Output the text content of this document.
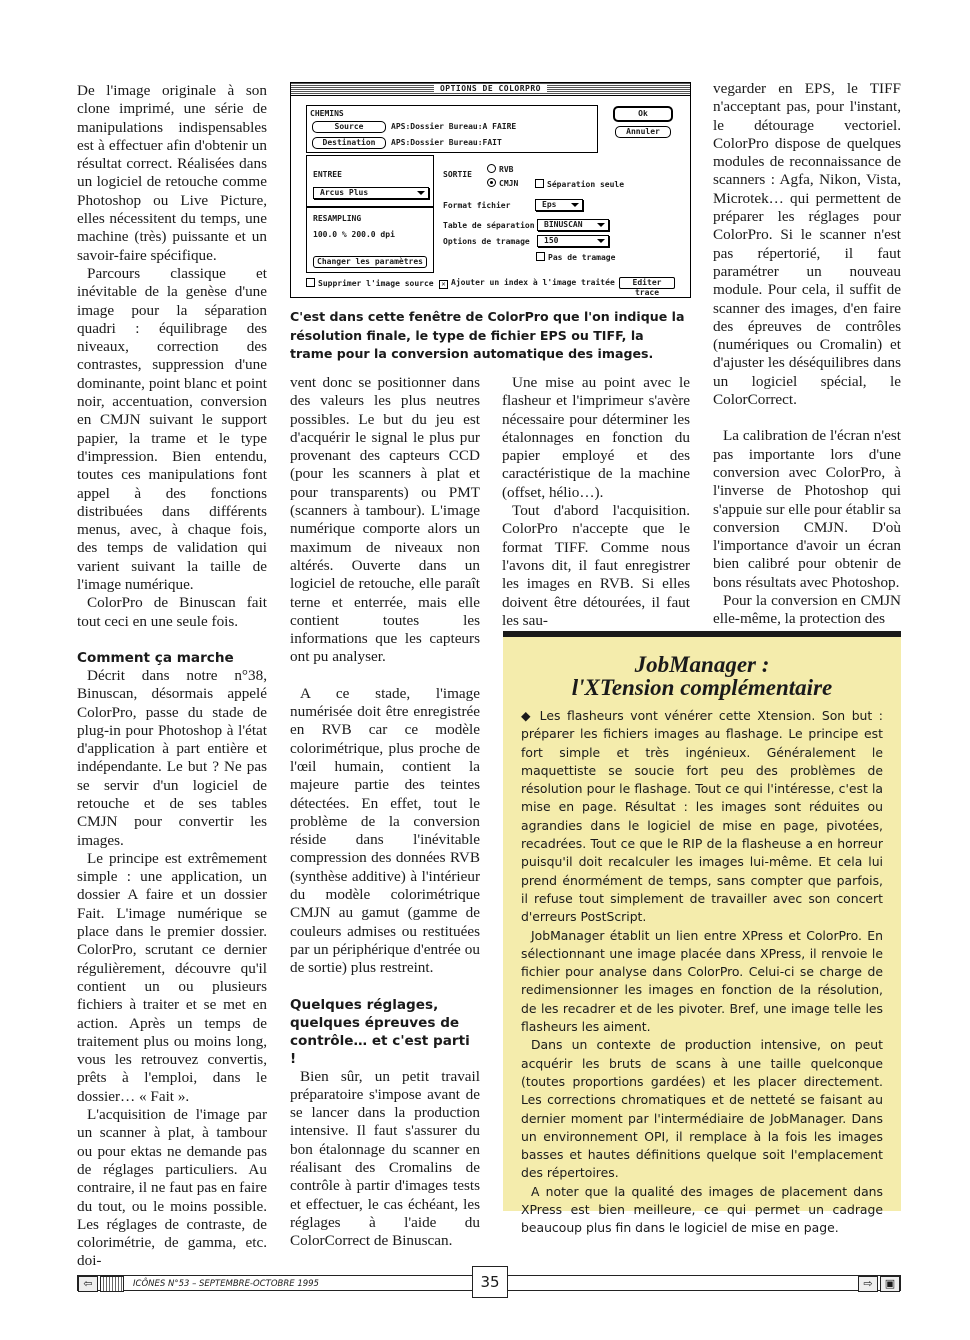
De l'image originale à son clone imprimé, une série de manipulations indispensables est à effectuer afin d'obtenir un résultat correct. Réalisées dans un logiciel de retouche comme Photoshop ou Live Picture, elles nécessitent du temps, une machine (très) puissante et un savoir-faire spécifique.

Parcours classique et inévitable de la genèse d'une image pour la séparation quadri : équilibrage des niveaux, correction des contrastes, suppression d'une dominante, point blanc et point noir, accentuation, conversion en CMJN suivant le support papier, la trame et le type d'impression. Bien entendu, toutes ces manipulations font appel à des fonctions distribuées dans différents menus, avec, à chaque fois, des temps de validation qui varient suivant la taille de l'image numérique.

ColorPro de Binuscan fait tout ceci en une seule fois.

Comment ça marche

Décrit dans notre n°38, Binuscan, désormais appelé ColorPro, passe du stade de plug-in pour Photoshop à l'état d'application à part entière et indépendante. Le but ? Ne pas se servir d'un logiciel de retouche et de ses tables CMJN pour convertir les images.

Le principe est extrêmement simple : une application, un dossier A faire et un dossier Fait. L'image numérique se place dans le premier dossier. ColorPro, scrutant ce dernier régulièrement, découvre qu'il contient un ou plusieurs fichiers à traiter et se met en action. Après un temps de traitement plus ou moins long, vous les retrouvez convertis, prêts à l'emploi, dans le dossier… « Fait ».

L'acquisition de l'image par un scanner à plat, à tambour ou pour ektas ne demande pas de réglages particuliers. Au contraire, il ne faut pas en faire du tout, ou le moins possible. Les réglages de contraste, de colorimétrie, de gamma, etc. doi-

OPTIONS DE COLORPRO
CHEMINS
Source	APS:Dossier Bureau:A FAIRE
Destination	APS:Dossier Bureau:FAIT
Ok
Annuler
ENTREE
Arcus Plus
RESAMPLING
100.0 % 200.0 dpi
Changer les paramètres
SORTIE
RVB
CMJN	Séparation seule
Format fichier	Eps
Table de séparation	BINUSCAN
Options de tramage	150
Pas de tramage
Supprimer l'image source	✕ Ajouter un index à l'image traitée	Editer trace
C'est dans cette fenêtre de ColorPro que l'on indique la résolution finale, le type de fichier EPS ou TIFF, la trame pour la conversion automatique des images.

vent donc se positionner dans des valeurs les plus neutres possibles. Le but du jeu est d'acquérir le signal le plus pur provenant des capteurs CCD (pour les scanners à plat et pour transparents) ou PMT (scanners à tambour). L'image numérique comporte alors un maximum de niveaux non altérés. Ouverte dans un logiciel de retouche, elle paraît terne et enterrée, mais elle contient toutes les informations que les capteurs ont pu analyser.

A ce stade, l'image numérisée doit être enregistrée en RVB car ce modèle colorimétrique, plus proche de l'œil humain, contient la majeure partie des teintes détectées. En effet, tout le problème de la conversion réside dans l'inévitable compression des données RVB (synthèse additive) à l'intérieur du modèle colorimétrique CMJN au gamut (gamme de couleurs admises ou restituées par un périphérique d'entrée ou de sortie) plus restreint.

Quelques réglages, quelques épreuves de contrôle… et c'est parti !

Bien sûr, un petit travail préparatoire s'impose avant de se lancer dans la production intensive. Il faut s'assurer du bon étalonnage du scanner en réalisant des Cromalins de contrôle à partir d'images tests et effectuer, le cas échéant, les réglages à l'aide du ColorCorrect de Binuscan.

Une mise au point avec le flasheur et l'imprimeur s'avère nécessaire pour déterminer les étalonnages en fonction du papier employé et des caractéristique de la machine (offset, hélio…).

Tout d'abord l'acquisition. ColorPro n'accepte que le format TIFF. Comme nous l'avons dit, il faut enregistrer les images en RVB. Si elles doivent être détourées, il faut les sau-

vegarder en EPS, le TIFF n'acceptant pas, pour l'instant, le détourage vectoriel. ColorPro dispose de quelques modules de reconnaissance de scanners : Agfa, Nikon, Vista, Microtek… qui permettent de préparer les réglages pour ColorPro. Si le scanner n'est pas répertorié, il faut paramétrer un nouveau module. Pour cela, il suffit de scanner des images, d'en faire des épreuves de contrôles (numériques ou Cromalin) et d'ajuster les déséquilibres dans un logiciel spécial, le ColorCorrect.

La calibration de l'écran n'est pas importante lors d'une conversion avec ColorPro, à l'inverse de Photoshop qui s'appuie sur elle pour établir sa conversion CMJN. D'où l'importance d'avoir un écran bien calibré pour obtenir de bons résultats avec Photoshop.

Pour la conversion en CMJN elle-même, la protection des

JobManager :
l'XTension complémentaire

◆ Les flasheurs vont vénérer cette Xtension. Son but : préparer les fichiers images au flashage. Le principe est fort simple et très ingénieux. Généralement le maquettiste se soucie fort peu des problèmes de résolution pour le flashage. Tout ce qui l'intéresse, c'est la mise en page. Résultat : les images sont réduites ou agrandies dans le logiciel de mise en page, pivotées, recadrées. Tout ce que le RIP de la flasheuse a en horreur puisqu'il doit recalculer les images lui-même. Et cela lui prend énormément de temps, sans compter que parfois, il refuse tout simplement de travailler avec son concert d'erreurs PostScript.

JobManager établit un lien entre XPress et ColorPro. En sélectionnant une image placée dans XPress, il renvoie le fichier pour analyse dans ColorPro. Celui-ci se charge de redimensionner les images en fonction de la résolution, de les recadrer et de les pivoter. Bref, une image telle les flasheurs les aiment.

Dans un contexte de production intensive, on peut acquérir les bruts de scans à une taille quelconque (toutes proportions gardées) et les placer directement. Les corrections chromatiques et de netteté se faisant au dernier moment par l'intermédiaire de JobManager. Dans un environnement OPI, il remplace à la fois les images basses et hautes définitions quelque soit l'emplacement des répertoires.

A noter que la qualité des images de placement dans XPress est bien meilleure, ce qui permet un cadrage beaucoup plus fin dans le logiciel de mise en page.

⇦	ICÔNES N°53 – SEPTEMBRE-OCTOBRE 1995	⇨	▣
35
